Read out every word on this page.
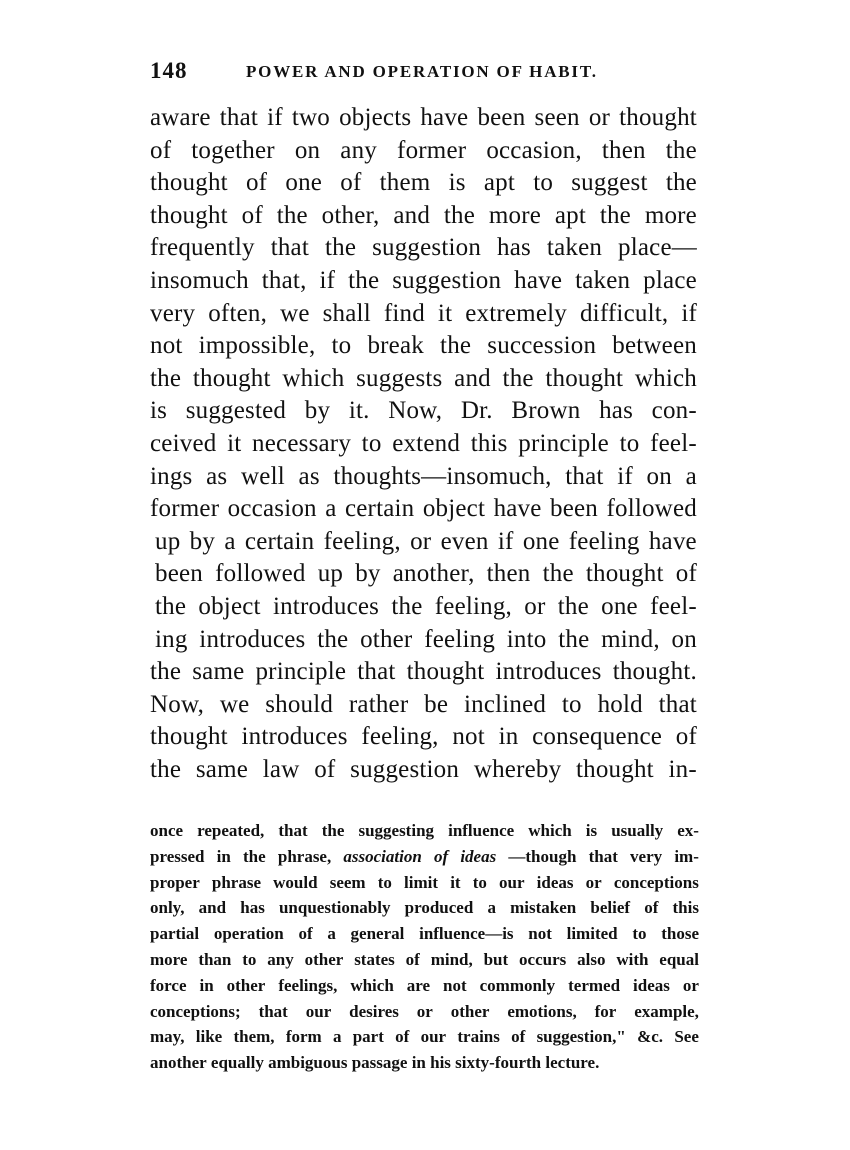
148	POWER AND OPERATION OF HABIT.
aware that if two objects have been seen or thought
of together on any former occasion, then the
thought of one of them is apt to suggest the
thought of the other, and the more apt the more
frequently that the suggestion has taken place—
insomuch that, if the suggestion have taken place
very often, we shall find it extremely difficult, if
not impossible, to break the succession between
the thought which suggests and the thought which
is suggested by it. Now, Dr. Brown has con-
ceived it necessary to extend this principle to feel-
ings as well as thoughts—insomuch, that if on a
former occasion a certain object have been followed
up by a certain feeling, or even if one feeling have
been followed up by another, then the thought of
the object introduces the feeling, or the one feel-
ing introduces the other feeling into the mind, on
the same principle that thought introduces thought.
Now, we should rather be inclined to hold that
thought introduces feeling, not in consequence of
the same law of suggestion whereby thought in-
once repeated, that the suggesting influence which is usually ex-
pressed in the phrase, association of ideas —though that very im-
proper phrase would seem to limit it to our ideas or conceptions
only, and has unquestionably produced a mistaken belief of this
partial operation of a general influence—is not limited to those
more than to any other states of mind, but occurs also with equal
force in other feelings, which are not commonly termed ideas or
conceptions; that our desires or other emotions, for example,
may, like them, form a part of our trains of suggestion," &c. See
another equally ambiguous passage in his sixty-fourth lecture.
